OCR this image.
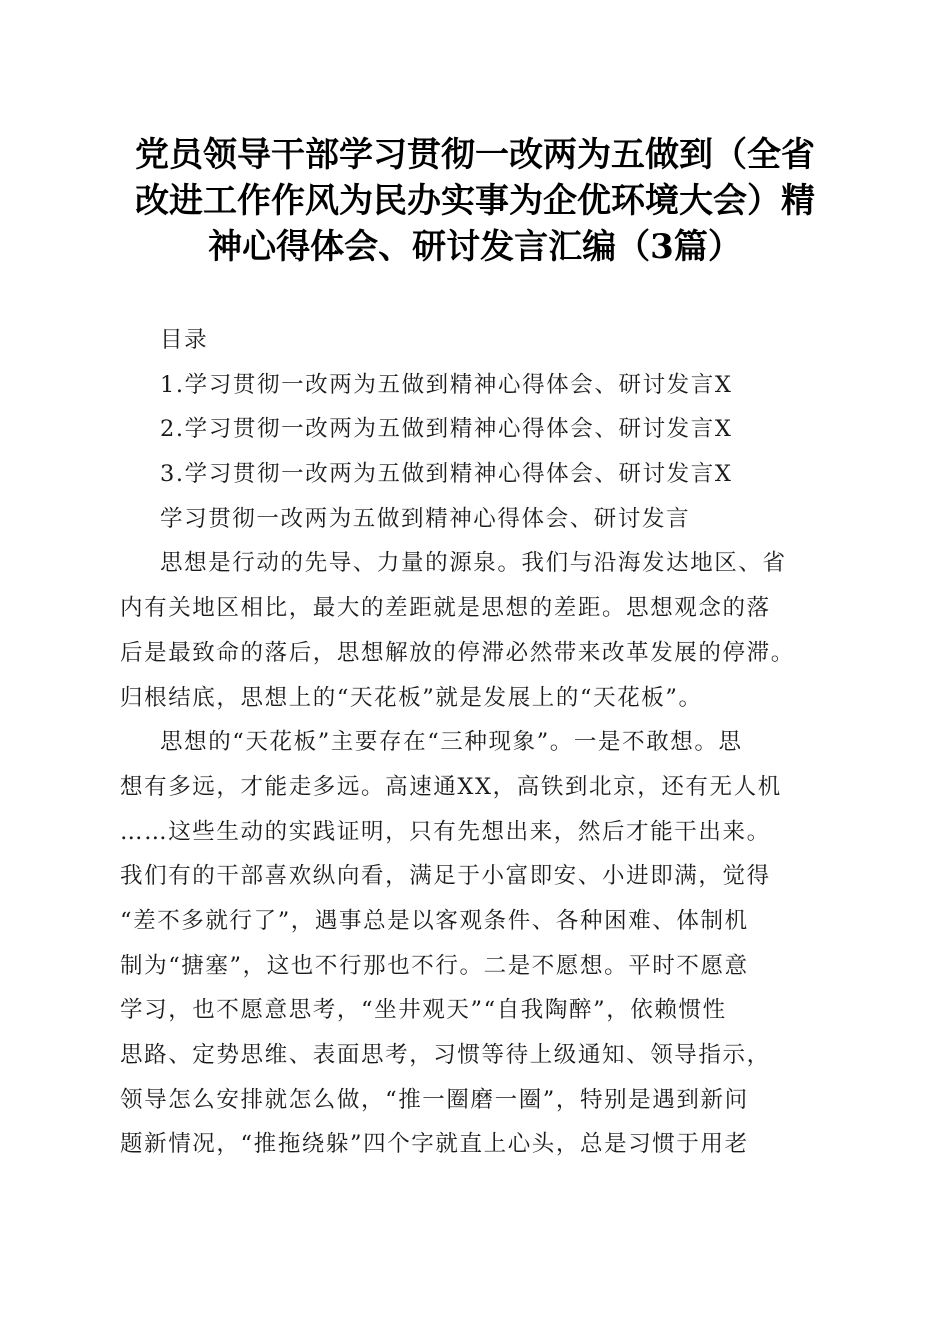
党员领导干部学习贯彻一改两为五做到（全省
改进工作作风为民办实事为企优环境大会）精
神心得体会、研讨发言汇编（3篇）
目录
1.学习贯彻一改两为五做到精神心得体会、研讨发言X
2.学习贯彻一改两为五做到精神心得体会、研讨发言X
3.学习贯彻一改两为五做到精神心得体会、研讨发言X
学习贯彻一改两为五做到精神心得体会、研讨发言
思想是行动的先导、力量的源泉。我们与沿海发达地区、省
内有关地区相比，最大的差距就是思想的差距。思想观念的落
后是最致命的落后，思想解放的停滞必然带来改革发展的停滞。
归根结底，思想上的“天花板”就是发展上的“天花板”。
思想的“天花板”主要存在“三种现象”。一是不敢想。思
想有多远，才能走多远。高速通XX，高铁到北京，还有无人机
……这些生动的实践证明，只有先想出来，然后才能干出来。
我们有的干部喜欢纵向看，满足于小富即安、小进即满，觉得
“差不多就行了”，遇事总是以客观条件、各种困难、体制机
制为“搪塞”，这也不行那也不行。二是不愿想。平时不愿意
学习，也不愿意思考，“坐井观天”“自我陶醉”，依赖惯性
思路、定势思维、表面思考，习惯等待上级通知、领导指示，
领导怎么安排就怎么做，“推一圈磨一圈”，特别是遇到新问
题新情况，“推拖绕躲”四个字就直上心头，总是习惯于用老
